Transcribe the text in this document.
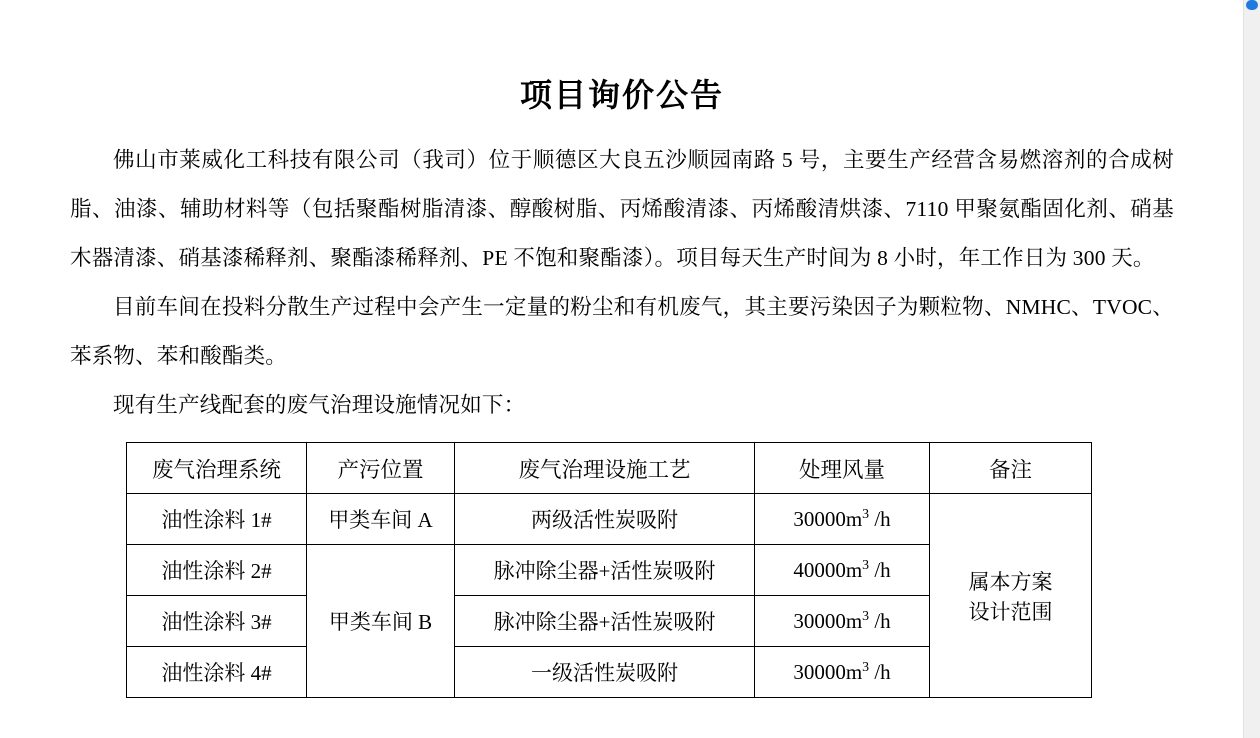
项目询价公告

佛山市莱威化工科技有限公司（我司）位于顺德区大良五沙顺园南路 5 号，主要生产经营含易燃溶剂的合成树脂、油漆、辅助材料等（包括聚酯树脂清漆、醇酸树脂、丙烯酸清漆、丙烯酸清烘漆、7110 甲聚氨酯固化剂、硝基木器清漆、硝基漆稀释剂、聚酯漆稀释剂、PE 不饱和聚酯漆）。项目每天生产时间为 8 小时，年工作日为 300 天。

目前车间在投料分散生产过程中会产生一定量的粉尘和有机废气，其主要污染因子为颗粒物、NMHC、TVOC、苯系物、苯和酸酯类。

现有生产线配套的废气治理设施情况如下：

废气治理系统	产污位置	废气治理设施工艺	处理风量	备注
油性涂料 1#	甲类车间 A	两级活性炭吸附	$30000m^3$ /h	属本方案
设计范围

油性涂料 2#	甲类车间 B	脉冲除尘器+活性炭吸附	$40000m^3$ /h	
油性涂料 3#		脉冲除尘器+活性炭吸附	$30000m^3$ /h	
油性涂料 4#		一级活性炭吸附	$30000m^3$ /h	
